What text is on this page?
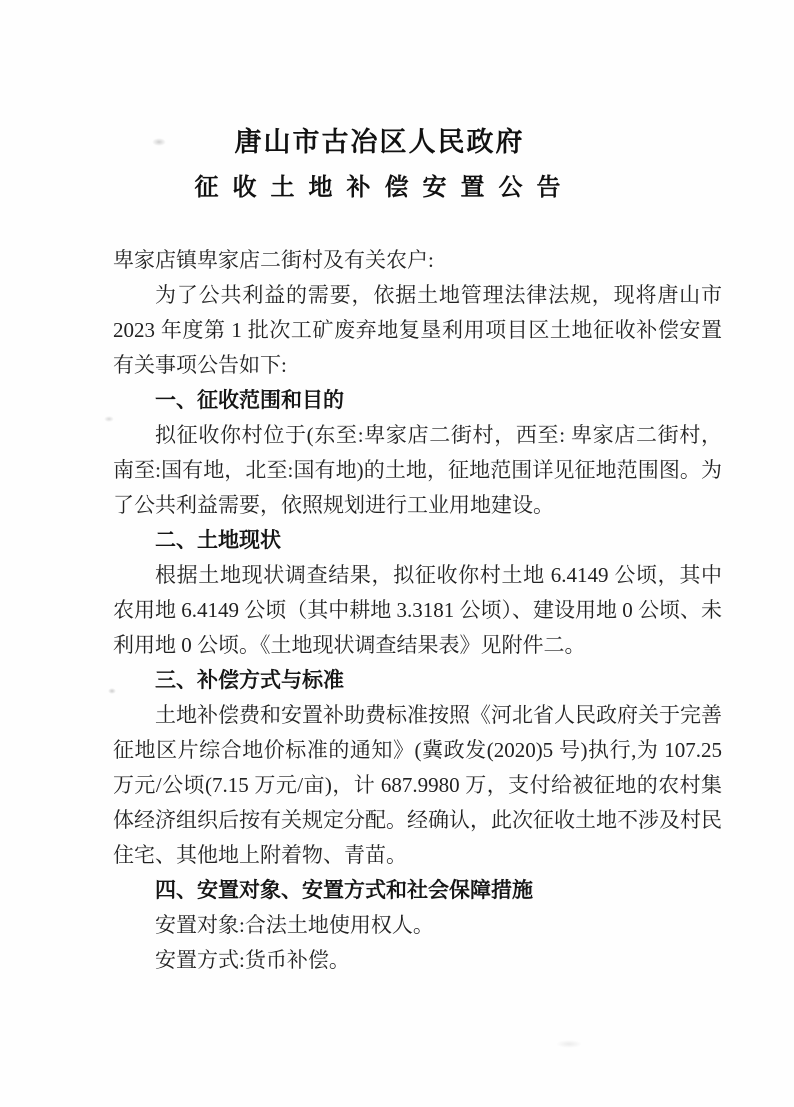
唐山市古冶区人民政府
征 收 土 地 补 偿 安 置 公 告

卑家店镇卑家店二街村及有关农户:

为了公共利益的需要，依据土地管理法律法规，现将唐山市 2023 年度第 1 批次工矿废弃地复垦利用项目区土地征收补偿安置有关事项公告如下:

一、征收范围和目的

拟征收你村位于(东至:卑家店二街村，西至: 卑家店二街村，南至:国有地，北至:国有地)的土地，征地范围详见征地范围图。为了公共利益需要，依照规划进行工业用地建设。

二、土地现状

根据土地现状调查结果，拟征收你村土地 6.4149 公顷，其中农用地 6.4149 公顷（其中耕地 3.3181 公顷）、建设用地 0 公顷、未利用地 0 公顷。《土地现状调查结果表》见附件二。

三、补偿方式与标准

土地补偿费和安置补助费标准按照《河北省人民政府关于完善征地区片综合地价标准的通知》(冀政发(2020)5 号)执行,为 107.25 万元/公顷(7.15 万元/亩)，计 687.9980 万，支付给被征地的农村集体经济组织后按有关规定分配。经确认，此次征收土地不涉及村民住宅、其他地上附着物、青苗。

四、安置对象、安置方式和社会保障措施

安置对象:合法土地使用权人。

安置方式:货币补偿。
